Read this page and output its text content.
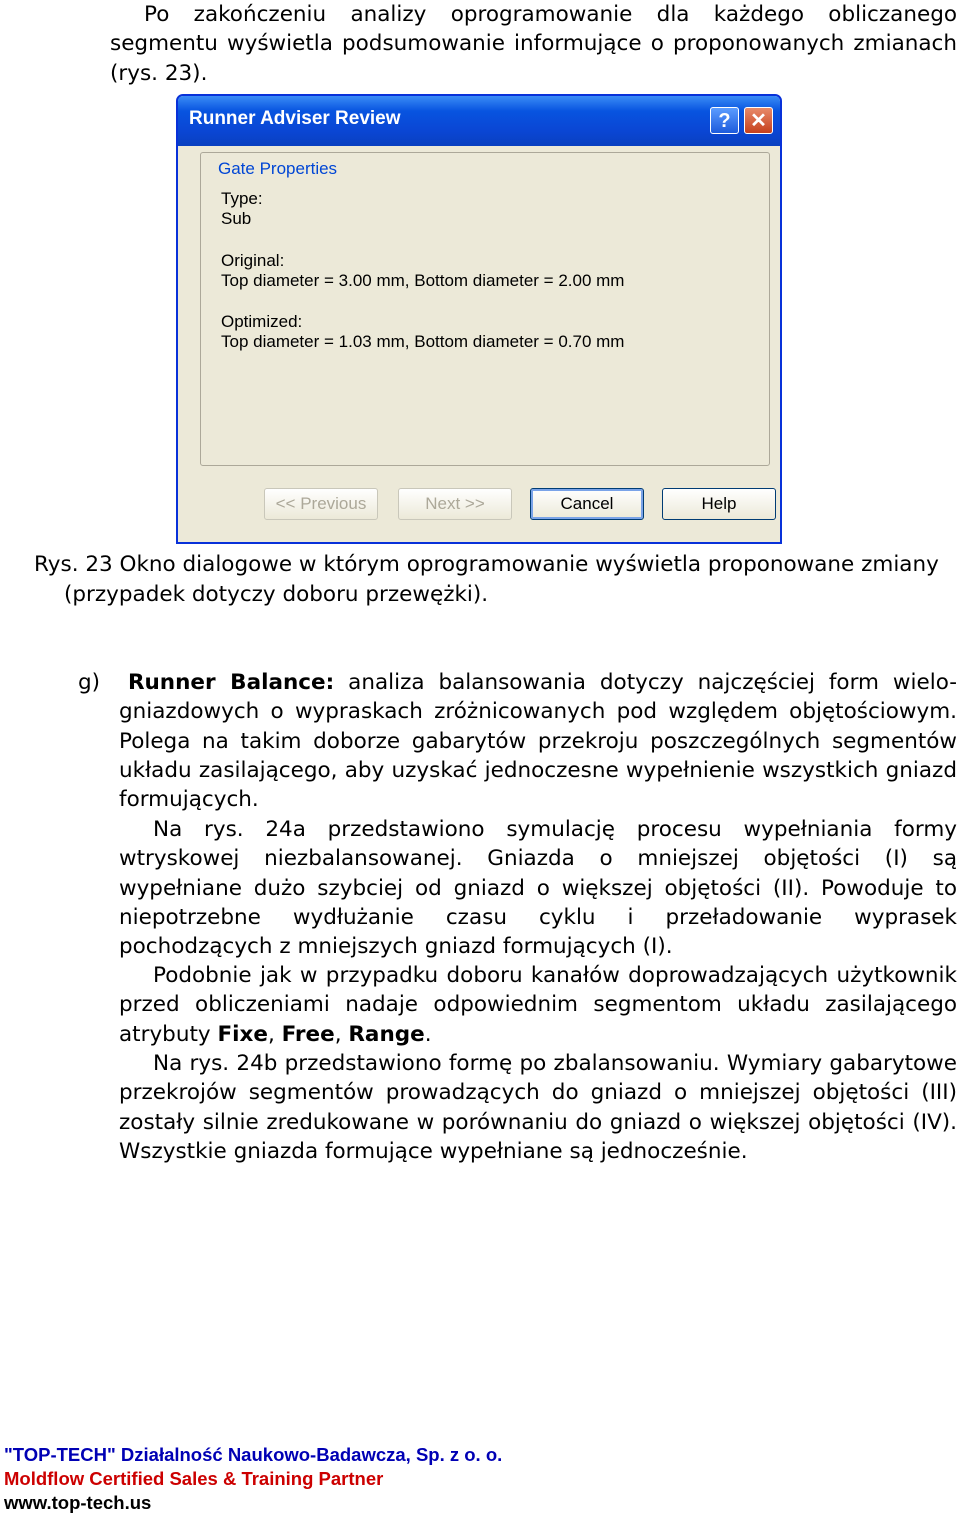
Po zakończeniu analizy oprogramowanie dla każdego obliczanego segmentu wyświetla podsumowanie informujące o proponowanych zmianach (rys. 23).

Runner Adviser Review	? ✕
Gate Properties
Type:
Sub
Original:
Top diameter = 3.00 mm, Bottom diameter = 2.00 mm
Optimized:
Top diameter = 1.03 mm, Bottom diameter = 0.70 mm
<< Previous	Next >>	Cancel	Help

Rys. 23 Okno dialogowe w którym oprogramowanie wyświetla proponowane zmiany
(przypadek dotyczy doboru przewężki).

g) Runner Balance: analiza balansowania dotyczy najczęściej form wielo-gniazdowych o wypraskach zróżnicowanych pod względem objętościowym. Polega na takim doborze gabarytów przekroju poszczególnych segmentów układu zasilającego, aby uzyskać jednoczesne wypełnienie wszystkich gniazd formujących.

Na rys. 24a przedstawiono symulację procesu wypełniania formy wtryskowej niezbalansowanej. Gniazda o mniejszej objętości (I) są wypełniane dużo szybciej od gniazd o większej objętości (II). Powoduje to niepotrzebne wydłużanie czasu cyklu i przeładowanie wyprasek pochodzących z mniejszych gniazd formujących (I).

Podobnie jak w przypadku doboru kanałów doprowadzających użytkownik przed obliczeniami nadaje odpowiednim segmentom układu zasilającego atrybuty Fixe, Free, Range.

Na rys. 24b przedstawiono formę po zbalansowaniu. Wymiary gabarytowe przekrojów segmentów prowadzących do gniazd o mniejszej objętości (III) zostały silnie zredukowane w porównaniu do gniazd o większej objętości (IV). Wszystkie gniazda formujące wypełniane są jednocześnie.

"TOP-TECH" Działalność Naukowo-Badawcza, Sp. z o. o.

Moldflow Certified Sales & Training Partner

www.top-tech.us
